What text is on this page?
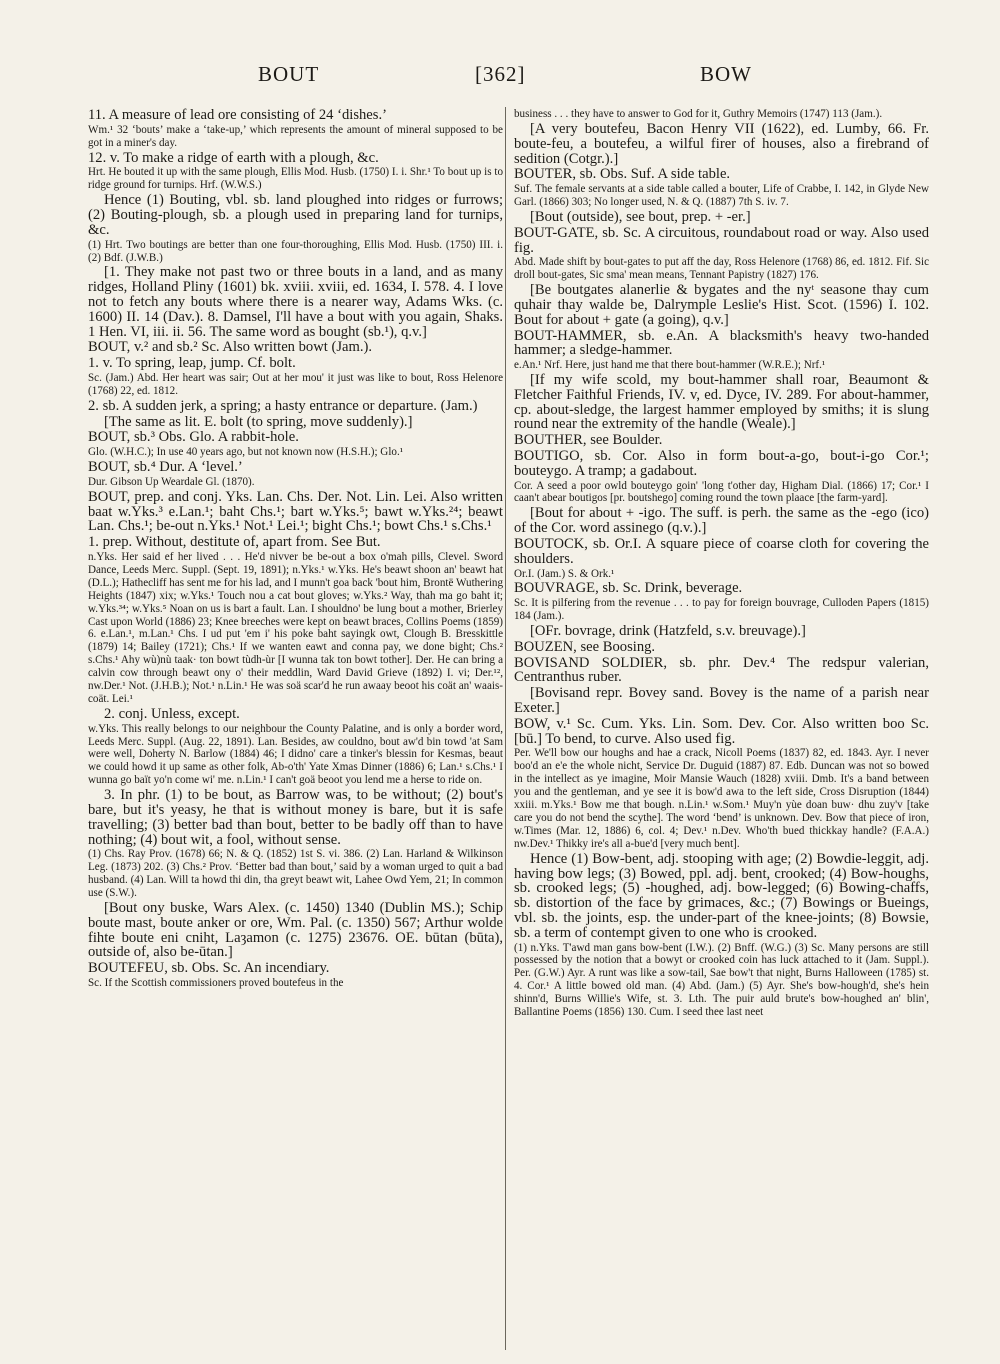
BOUT	[362]	BOW

11. A measure of lead ore consisting of 24 ‘dishes.’

Wm.¹ 32 ‘bouts’ make a ‘take-up,’ which represents the amount of mineral supposed to be got in a miner's day.

12. v. To make a ridge of earth with a plough, &c.

Hrt. He bouted it up with the same plough, Ellis Mod. Husb. (1750) I. i. Shr.¹ To bout up is to ridge ground for turnips. Hrf. (W.W.S.)

Hence (1) Bouting, vbl. sb. land ploughed into ridges or furrows; (2) Bouting-plough, sb. a plough used in preparing land for turnips, &c.

(1) Hrt. Two boutings are better than one four-thoroughing, Ellis Mod. Husb. (1750) III. i. (2) Bdf. (J.W.B.)

[1. They make not past two or three bouts in a land, and as many ridges, Holland Pliny (1601) bk. xviii. xviii, ed. 1634, I. 578. 4. I love not to fetch any bouts where there is a nearer way, Adams Wks. (c. 1600) II. 14 (Dav.). 8. Damsel, I'll have a bout with you again, Shaks. 1 Hen. VI, iii. ii. 56. The same word as bought (sb.¹), q.v.]

BOUT, v.² and sb.² Sc. Also written bowt (Jam.).

1. v. To spring, leap, jump. Cf. bolt.

Sc. (Jam.) Abd. Her heart was sair; Out at her mou' it just was like to bout, Ross Helenore (1768) 22, ed. 1812.

2. sb. A sudden jerk, a spring; a hasty entrance or departure. (Jam.)

[The same as lit. E. bolt (to spring, move suddenly).]

BOUT, sb.³ Obs. Glo. A rabbit-hole.

Glo. (W.H.C.); In use 40 years ago, but not known now (H.S.H.); Glo.¹

BOUT, sb.⁴ Dur. A ‘level.’

Dur. Gibson Up Weardale Gl. (1870).

BOUT, prep. and conj. Yks. Lan. Chs. Der. Not. Lin. Lei. Also written baat w.Yks.³ e.Lan.¹; baht Chs.¹; bart w.Yks.⁵; bawt w.Yks.²⁴; beawt Lan. Chs.¹; be-out n.Yks.¹ Not.¹ Lei.¹; bight Chs.¹; bowt Chs.¹ s.Chs.¹

1. prep. Without, destitute of, apart from. See But.

n.Yks. Her said ef her lived . . . He'd nivver be be-out a box o'mah pills, Clevel. Sword Dance, Leeds Merc. Suppl. (Sept. 19, 1891); n.Yks.¹ w.Yks. He's beawt shoon an' beawt hat (D.L.); Hathecliff has sent me for his lad, and I munn't goa back 'bout him, Brontë Wuthering Heights (1847) xix; w.Yks.¹ Touch nou a cat bout gloves; w.Yks.² Way, thah ma go baht it; w.Yks.³⁴; w.Yks.⁵ Noan on us is bart a fault. Lan. I shouldno' be lung bout a mother, Brierley Cast upon World (1886) 23; Knee breeches were kept on beawt braces, Collins Poems (1859) 6. e.Lan.¹, m.Lan.¹ Chs. I ud put 'em i' his poke baht sayingk owt, Clough B. Bresskittle (1879) 14; Bailey (1721); Chs.¹ If we wanten eawt and conna pay, we done bight; Chs.² s.Chs.¹ Ahy wù)nù taak· ton bowt tùdh-ùr [I wunna tak ton bowt tother]. Der. He can bring a calvin cow through beawt ony o' their meddlin, Ward David Grieve (1892) I. vi; Der.¹², nw.Der.¹ Not. (J.H.B.); Not.¹ n.Lin.¹ He was soä scar'd he run awaay beoot his coät an' waais-coät. Lei.¹

2. conj. Unless, except.

w.Yks. This really belongs to our neighbour the County Palatine, and is only a border word, Leeds Merc. Suppl. (Aug. 22, 1891). Lan. Besides, aw couldno, bout aw'd bin towd 'at Sam were well, Doherty N. Barlow (1884) 46; I didno' care a tinker's blessin for Kesmas, beaut we could howd it up same as other folk, Ab-o'th' Yate Xmas Dinner (1886) 6; Lan.¹ s.Chs.¹ I wunna go baït yo'n come wi' me. n.Lin.¹ I can't goä beoot you lend me a herse to ride on.

3. In phr. (1) to be bout, as Barrow was, to be without; (2) bout's bare, but it's yeasy, he that is without money is bare, but it is safe travelling; (3) better bad than bout, better to be badly off than to have nothing; (4) bout wit, a fool, without sense.

(1) Chs. Ray Prov. (1678) 66; N. & Q. (1852) 1st S. vi. 386. (2) Lan. Harland & Wilkinson Leg. (1873) 202. (3) Chs.² Prov. ‘Better bad than bout,’ said by a woman urged to quit a bad husband. (4) Lan. Will ta howd thi din, tha greyt beawt wit, Lahee Owd Yem, 21; In common use (S.W.).

[Bout ony buske, Wars Alex. (c. 1450) 1340 (Dublin MS.); Schip boute mast, boute anker or ore, Wm. Pal. (c. 1350) 567; Arthur wolde fihte boute eni cniht, Laȝamon (c. 1275) 23676. OE. būtan (būta), outside of, also be-ūtan.]

BOUTEFEU, sb. Obs. Sc. An incendiary.

Sc. If the Scottish commissioners proved boutefeus in the

business . . . they have to answer to God for it, Guthry Memoirs (1747) 113 (Jam.).

[A very boutefeu, Bacon Henry VII (1622), ed. Lumby, 66. Fr. boute-feu, a boutefeu, a wilful firer of houses, also a firebrand of sedition (Cotgr.).]

BOUTER, sb. Obs. Suf. A side table.

Suf. The female servants at a side table called a bouter, Life of Crabbe, I. 142, in Glyde New Garl. (1866) 303; No longer used, N. & Q. (1887) 7th S. iv. 7.

[Bout (outside), see bout, prep. + -er.]

BOUT-GATE, sb. Sc. A circuitous, roundabout road or way. Also used fig.

Abd. Made shift by bout-gates to put aff the day, Ross Helenore (1768) 86, ed. 1812. Fif. Sic droll bout-gates, Sic sma' mean means, Tennant Papistry (1827) 176.

[Be boutgates alanerlie & bygates and the nyᵗ seasone thay cum quhair thay walde be, Dalrymple Leslie's Hist. Scot. (1596) I. 102. Bout for about + gate (a going), q.v.]

BOUT-HAMMER, sb. e.An. A blacksmith's heavy two-handed hammer; a sledge-hammer.

e.An.¹ Nrf. Here, just hand me that there bout-hammer (W.R.E.); Nrf.¹

[If my wife scold, my bout-hammer shall roar, Beaumont & Fletcher Faithful Friends, IV. v, ed. Dyce, IV. 289. For about-hammer, cp. about-sledge, the largest hammer employed by smiths; it is slung round near the extremity of the handle (Weale).]

BOUTHER, see Boulder.

BOUTIGO, sb. Cor. Also in form bout-a-go, bout-i-go Cor.¹; bouteygo. A tramp; a gadabout.

Cor. A seed a poor owld bouteygo goin' 'long t'other day, Higham Dial. (1866) 17; Cor.¹ I caan't abear boutigos [pr. boutshego] coming round the town plaace [the farm-yard].

[Bout for about + -igo. The suff. is perh. the same as the -ego (ico) of the Cor. word assinego (q.v.).]

BOUTOCK, sb. Or.I. A square piece of coarse cloth for covering the shoulders.

Or.I. (Jam.) S. & Ork.¹

BOUVRAGE, sb. Sc. Drink, beverage.

Sc. It is pilfering from the revenue . . . to pay for foreign bouvrage, Culloden Papers (1815) 184 (Jam.).

[OFr. bovrage, drink (Hatzfeld, s.v. breuvage).]

BOUZEN, see Boosing.

BOVISAND SOLDIER, sb. phr. Dev.⁴ The redspur valerian, Centranthus ruber.

[Bovisand repr. Bovey sand. Bovey is the name of a parish near Exeter.]

BOW, v.¹ Sc. Cum. Yks. Lin. Som. Dev. Cor. Also written boo Sc. [bū.] To bend, to curve. Also used fig.

Per. We'll bow our houghs and hae a crack, Nicoll Poems (1837) 82, ed. 1843. Ayr. I never boo'd an e'e the whole nicht, Service Dr. Duguid (1887) 87. Edb. Duncan was not so bowed in the intellect as ye imagine, Moir Mansie Wauch (1828) xviii. Dmb. It's a band between you and the gentleman, and ye see it is bow'd awa to the left side, Cross Disruption (1844) xxiii. m.Yks.¹ Bow me that bough. n.Lin.¹ w.Som.¹ Muy'n yùe doan buw· dhu zuy'v [take care you do not bend the scythe]. The word ‘bend’ is unknown. Dev. Bow that piece of iron, w.Times (Mar. 12, 1886) 6, col. 4; Dev.¹ n.Dev. Who'th bued thickkay handle? (F.A.A.) nw.Dev.¹ Thikky ire's all a-bue'd [very much bent].

Hence (1) Bow-bent, adj. stooping with age; (2) Bowdie-leggit, adj. having bow legs; (3) Bowed, ppl. adj. bent, crooked; (4) Bow-houghs, sb. crooked legs; (5) -houghed, adj. bow-legged; (6) Bowing-chaffs, sb. distortion of the face by grimaces, &c.; (7) Bowings or Bueings, vbl. sb. the joints, esp. the under-part of the knee-joints; (8) Bowsie, sb. a term of contempt given to one who is crooked.

(1) n.Yks. T'awd man gans bow-bent (I.W.). (2) Bnff. (W.G.) (3) Sc. Many persons are still possessed by the notion that a bowyt or crooked coin has luck attached to it (Jam. Suppl.). Per. (G.W.) Ayr. A runt was like a sow-tail, Sae bow't that night, Burns Halloween (1785) st. 4. Cor.¹ A little bowed old man. (4) Abd. (Jam.) (5) Ayr. She's bow-hough'd, she's hein shinn'd, Burns Willie's Wife, st. 3. Lth. The puir auld brute's bow-houghed an' blin', Ballantine Poems (1856) 130. Cum. I seed thee last neet
